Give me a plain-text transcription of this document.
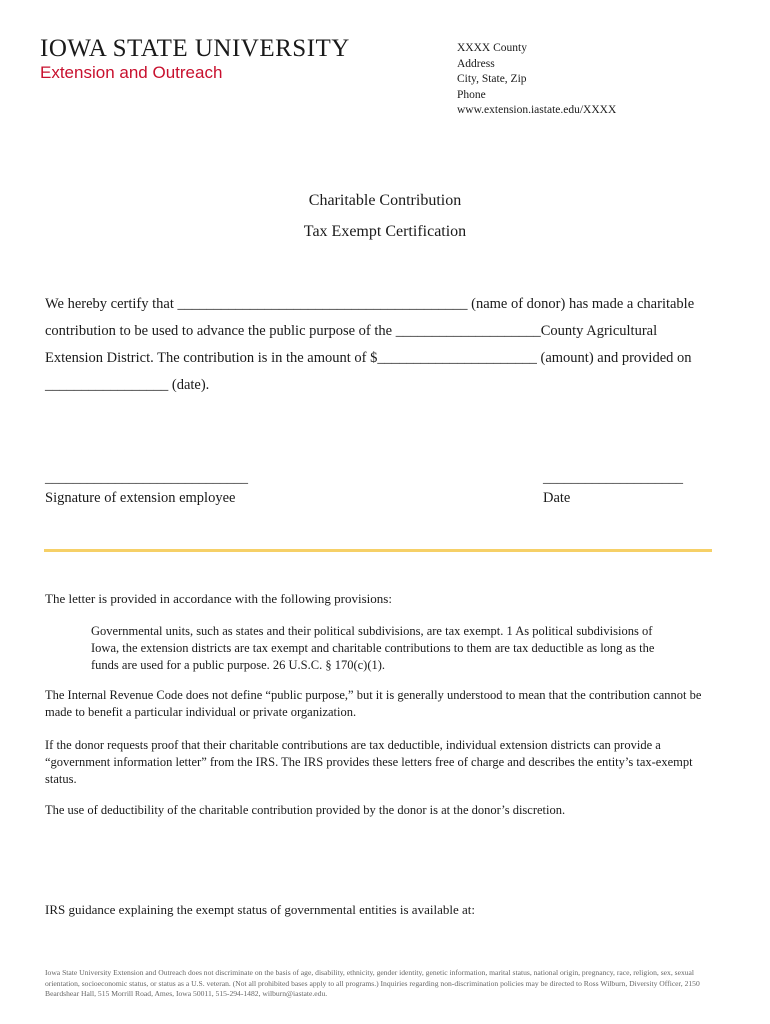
IOWA STATE UNIVERSITY
Extension and Outreach
XXXX County
Address
City, State, Zip
Phone
www.extension.iastate.edu/XXXX
Charitable Contribution
Tax Exempt Certification
We hereby certify that ________________________________________ (name of donor) has made a charitable
contribution to be used to advance the public purpose of the ____________________County Agricultural
Extension District. The contribution is in the amount of $______________________ (amount) and provided on
_________________ (date).
_____________________________
Signature of extension employee
____________________
Date
The letter is provided in accordance with the following provisions:
Governmental units, such as states and their political subdivisions, are tax exempt. 1 As political subdivisions of Iowa, the extension districts are tax exempt and charitable contributions to them are tax deductible as long as the funds are used for a public purpose. 26 U.S.C. § 170(c)(1).
The Internal Revenue Code does not define “public purpose,” but it is generally understood to mean that the contribution cannot be made to benefit a particular individual or private organization.
If the donor requests proof that their charitable contributions are tax deductible, individual extension districts can provide a “government information letter” from the IRS. The IRS provides these letters free of charge and describes the entity’s tax-exempt status.
The use of deductibility of the charitable contribution provided by the donor is at the donor’s discretion.
IRS guidance explaining the exempt status of governmental entities is available at:
Iowa State University Extension and Outreach does not discriminate on the basis of age, disability, ethnicity, gender identity, genetic information, marital status, national origin, pregnancy, race, religion, sex, sexual orientation, socioeconomic status, or status as a U.S. veteran. (Not all prohibited bases apply to all programs.) Inquiries regarding non-discrimination policies may be directed to Ross Wilburn, Diversity Officer, 2150 Beardshear Hall, 515 Morrill Road, Ames, Iowa 50011, 515-294-1482, wilburn@iastate.edu.
